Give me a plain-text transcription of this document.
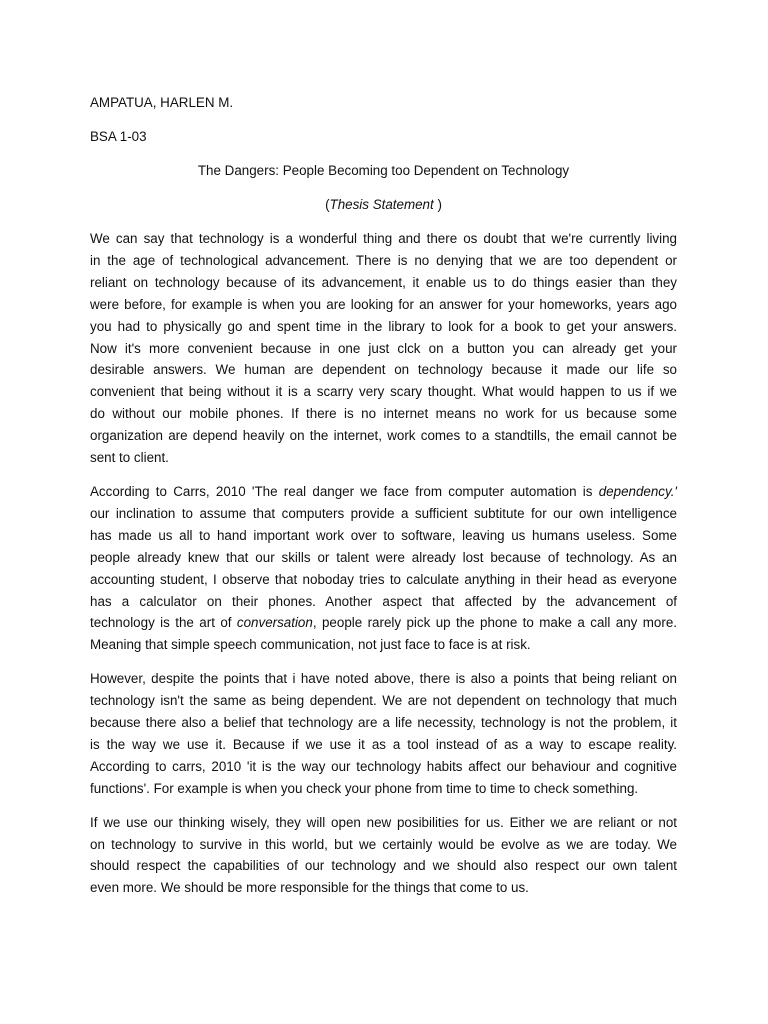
AMPATUA, HARLEN M.

BSA 1-03

The Dangers: People Becoming too Dependent on Technology

(Thesis Statement )

We can say that technology is a wonderful thing and there os doubt that we're currently living
in the age of technological advancement. There is no denying that we are too dependent or
reliant on technology because of its advancement, it enable us to do things easier than they
were before, for example is when you are looking for an answer for your homeworks, years ago
you had to physically go and spent time in the library to look for a book to get your answers.
Now it's more convenient because in one just clck on a button you can already get your
desirable answers. We human are dependent on technology because it made our life so
convenient that being without it is a scarry very scary thought. What would happen to us if we
do without our mobile phones. If there is no internet means no work for us because some
organization are depend heavily on the internet, work comes to a standtills, the email cannot be
sent to client.
According to Carrs, 2010 'The real danger we face from computer automation is dependency.'
our inclination to assume that computers provide a sufficient subtitute for our own intelligence
has made us all to hand important work over to software, leaving us humans useless. Some
people already knew that our skills or talent were already lost because of technology. As an
accounting student, I observe that noboday tries to calculate anything in their head as everyone
has a calculator on their phones. Another aspect that affected by the advancement of
technology is the art of conversation, people rarely pick up the phone to make a call any more.
Meaning that simple speech communication, not just face to face is at risk.
However, despite the points that i have noted above, there is also a points that being reliant on
technology isn't the same as being dependent. We are not dependent on technology that much
because there also a belief that technology are a life necessity, technology is not the problem, it
is the way we use it. Because if we use it as a tool instead of as a way to escape reality.
According to carrs, 2010 'it is the way our technology habits affect our behaviour and cognitive
functions'. For example is when you check your phone from time to time to check something.
If we use our thinking wisely, they will open new posibilities for us. Either we are reliant or not
on technology to survive in this world, but we certainly would be evolve as we are today. We
should respect the capabilities of our technology and we should also respect our own talent
even more. We should be more responsible for the things that come to us.
